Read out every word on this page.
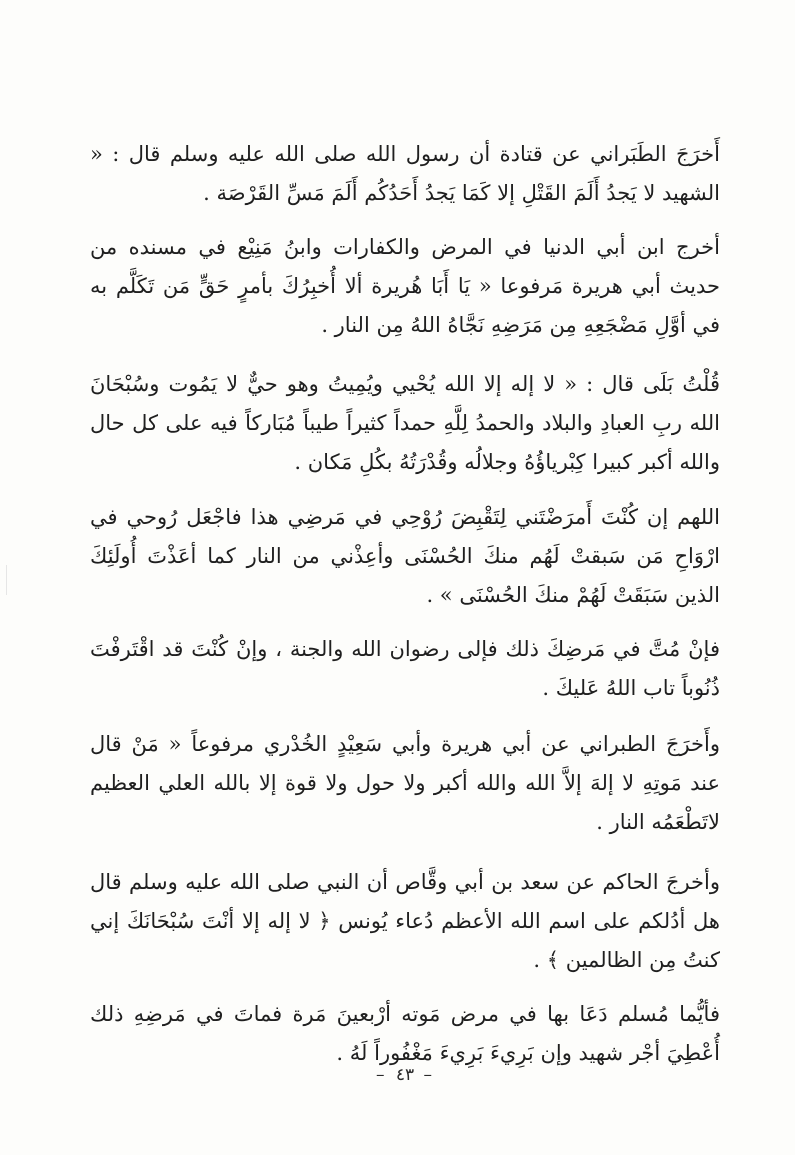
أَخرَجَ الطَبَراني عن قتادة أن رسول الله صلى الله عليه وسلم قال : « الشهيد لا يَجدُ أَلَمَ القَتْلِ إلا كَمَا يَجدُ أَحَدُكُم أَلَمَ مَسِّ القَرْصَة .

أخرج ابن أبي الدنيا في المرض والكفارات وابنُ مَنِيْع في مسنده من حديث أبي هريرة مَرفوعا « يَا أَبَا هُريرة ألا أُخبِرُكَ بأمرٍ حَقٍّ مَن تَكَلَّم به في أوَّلِ مَضْجَعِهِ مِن مَرَضِهِ نَجَّاهُ اللهُ مِن النار .

قُلْتُ بَلَى قال : « لا إله إلا الله يُحْيي ويُمِيتُ وهو حيٌّ لا يَمُوت وسُبْحَانَ الله ربِ العبادِ والبلاد والحمدُ لِلَّهِ حمداً كثيراً طيباً مُبَاركاً فيه على كل حال والله أكبر كبيرا كِبْرياؤُهُ وجلالُه وقُدْرَتُهُ بكُلِ مَكان .

اللهم إن كُنْتَ أَمرَضْتَني لِتَقْبِضَ رُوْحِي في مَرضِي هذا فاجْعَل رُوحي في ارْوَاحِ مَن سَبقتْ لَهُم منكَ الحُسْنَى وأعِذْني من النار كما أعَذْتَ أُولَئِكَ الذين سَبَقَتْ لَهُمْ منكَ الحُسْنَى » .

فإنْ مُتَّ في مَرضِكَ ذلك فإلى رضوان الله والجنة ، وإنْ كُنْتَ قد اقْتَرفْتَ ذُنُوباً تاب اللهُ عَليكَ .

وأَخرَجَ الطبراني عن أبي هريرة وأبي سَعِيْدٍ الخُدْري مرفوعاً « مَنْ قال عند مَوتِهِ لا إلهَ إلاَّ الله والله أكبر ولا حول ولا قوة إلا بالله العلي العظيم لاتَطْعَمُه النار .

وأخرجَ الحاكم عن سعد بن أبي وقَّاص أن النبي صلى الله عليه وسلم قال هل أدُلكم على اسم الله الأعظم دُعاء يُونس ﴿ لا إله إلا أنْتَ سُبْحَانَكَ إني كنتُ مِن الظالمين ﴾ .

فأيُّما مُسلم دَعَا بها في مرض مَوته أرْبعينَ مَرة فماتَ في مَرضِهِ ذلك أُعْطِيَ أجْر شهيد وإن بَرِيءَ بَرِيءَ مَغْفُوراً لَهُ .

– ٤٣ –
